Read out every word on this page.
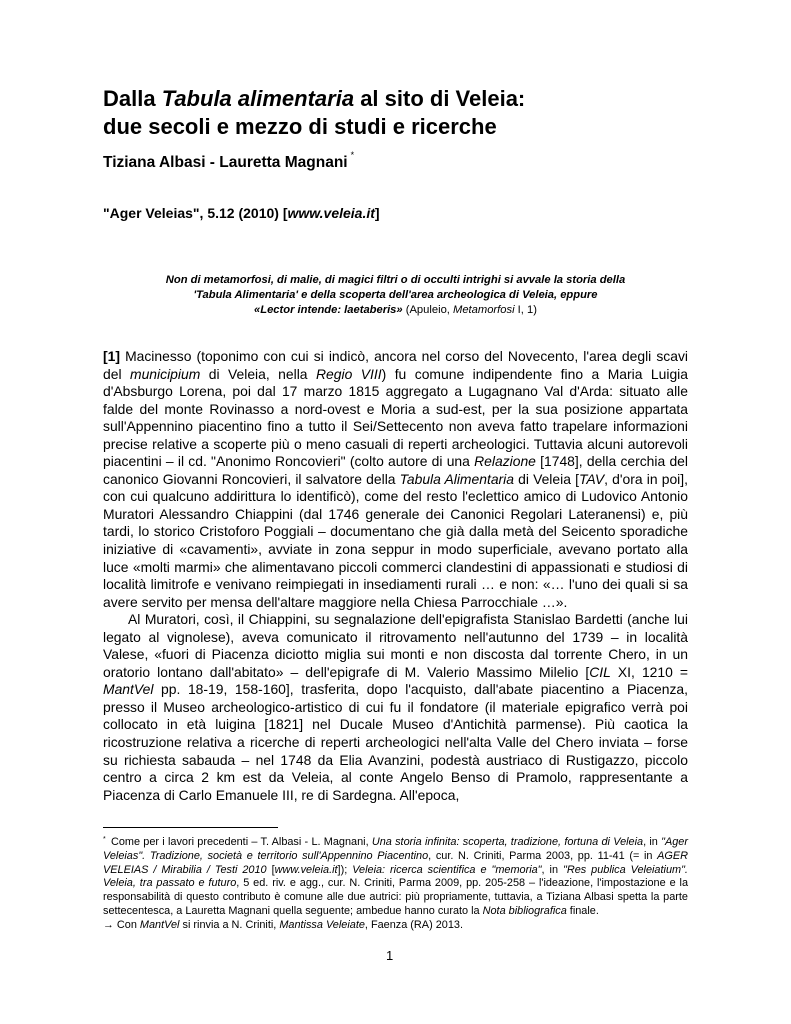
Dalla Tabula alimentaria al sito di Veleia:
due secoli e mezzo di studi e ricerche
Tiziana Albasi - Lauretta Magnani *
"Ager Veleias", 5.12 (2010) [www.veleia.it]
Non di metamorfosi, di malie, di magici filtri o di occulti intrighi si avvale la storia della
'Tabula Alimentaria' e della scoperta dell'area archeologica di Veleia, eppure
«Lector intende: laetaberis» (Apuleio, Metamorfosi I, 1)

[1] Macinesso (toponimo con cui si indicò, ancora nel corso del Novecento, l'area degli scavi del municipium di Veleia, nella Regio VIII) fu comune indipendente fino a Maria Luigia d'Absburgo Lorena, poi dal 17 marzo 1815 aggregato a Lugagnano Val d'Arda: situato alle falde del monte Rovinasso a nord-ovest e Moria a sud-est, per la sua posizione appartata sull'Appennino piacentino fino a tutto il Sei/Settecento non aveva fatto trapelare informazioni precise relative a scoperte più o meno casuali di reperti archeologici. Tuttavia alcuni autorevoli piacentini – il cd. "Anonimo Roncovieri" (colto autore di una Relazione [1748], della cerchia del canonico Giovanni Roncovieri, il salvatore della Tabula Alimentaria di Veleia [TAV, d'ora in poi], con cui qualcuno addirittura lo identificò), come del resto l'eclettico amico di Ludovico Antonio Muratori Alessandro Chiappini (dal 1746 generale dei Canonici Regolari Lateranensi) e, più tardi, lo storico Cristoforo Poggiali – documentano che già dalla metà del Seicento sporadiche iniziative di «cavamenti», avviate in zona seppur in modo superficiale, avevano portato alla luce «molti marmi» che alimentavano piccoli commerci clandestini di appassionati e studiosi di località limitrofe e venivano reimpiegati in insediamenti rurali … e non: «… l'uno dei quali si sa avere servito per mensa dell'altare maggiore nella Chiesa Parrocchiale …».

Al Muratori, così, il Chiappini, su segnalazione dell'epigrafista Stanislao Bardetti (anche lui legato al vignolese), aveva comunicato il ritrovamento nell'autunno del 1739 – in località Valese, «fuori di Piacenza diciotto miglia sui monti e non discosta dal torrente Chero, in un oratorio lontano dall'abitato» – dell'epigrafe di M. Valerio Massimo Milelio [CIL XI, 1210 = MantVel pp. 18-19, 158-160], trasferita, dopo l'acquisto, dall'abate piacentino a Piacenza, presso il Museo archeologico-artistico di cui fu il fondatore (il materiale epigrafico verrà poi collocato in età luigina [1821] nel Ducale Museo d'Antichità parmense). Più caotica la ricostruzione relativa a ricerche di reperti archeologici nell'alta Valle del Chero inviata – forse su richiesta sabauda – nel 1748 da Elia Avanzini, podestà austriaco di Rustigazzo, piccolo centro a circa 2 km est da Veleia, al conte Angelo Benso di Pramolo, rappresentante a Piacenza di Carlo Emanuele III, re di Sardegna. All'epoca,

* Come per i lavori precedenti – T. Albasi - L. Magnani, Una storia infinita: scoperta, tradizione, fortuna di Veleia, in "Ager Veleias". Tradizione, società e territorio sull'Appennino Piacentino, cur. N. Criniti, Parma 2003, pp. 11-41 (= in AGER VELEIAS / Mirabilia / Testi 2010 [www.veleia.it]); Veleia: ricerca scientifica e "memoria", in "Res publica Veleiatium". Veleia, tra passato e futuro, 5 ed. riv. e agg., cur. N. Criniti, Parma 2009, pp. 205-258 – l'ideazione, l'impostazione e la responsabilità di questo contributo è comune alle due autrici: più propriamente, tuttavia, a Tiziana Albasi spetta la parte settecentesca, a Lauretta Magnani quella seguente; ambedue hanno curato la Nota bibliografica finale.

→ Con MantVel si rinvia a N. Criniti, Mantissa Veleiate, Faenza (RA) 2013.

1
